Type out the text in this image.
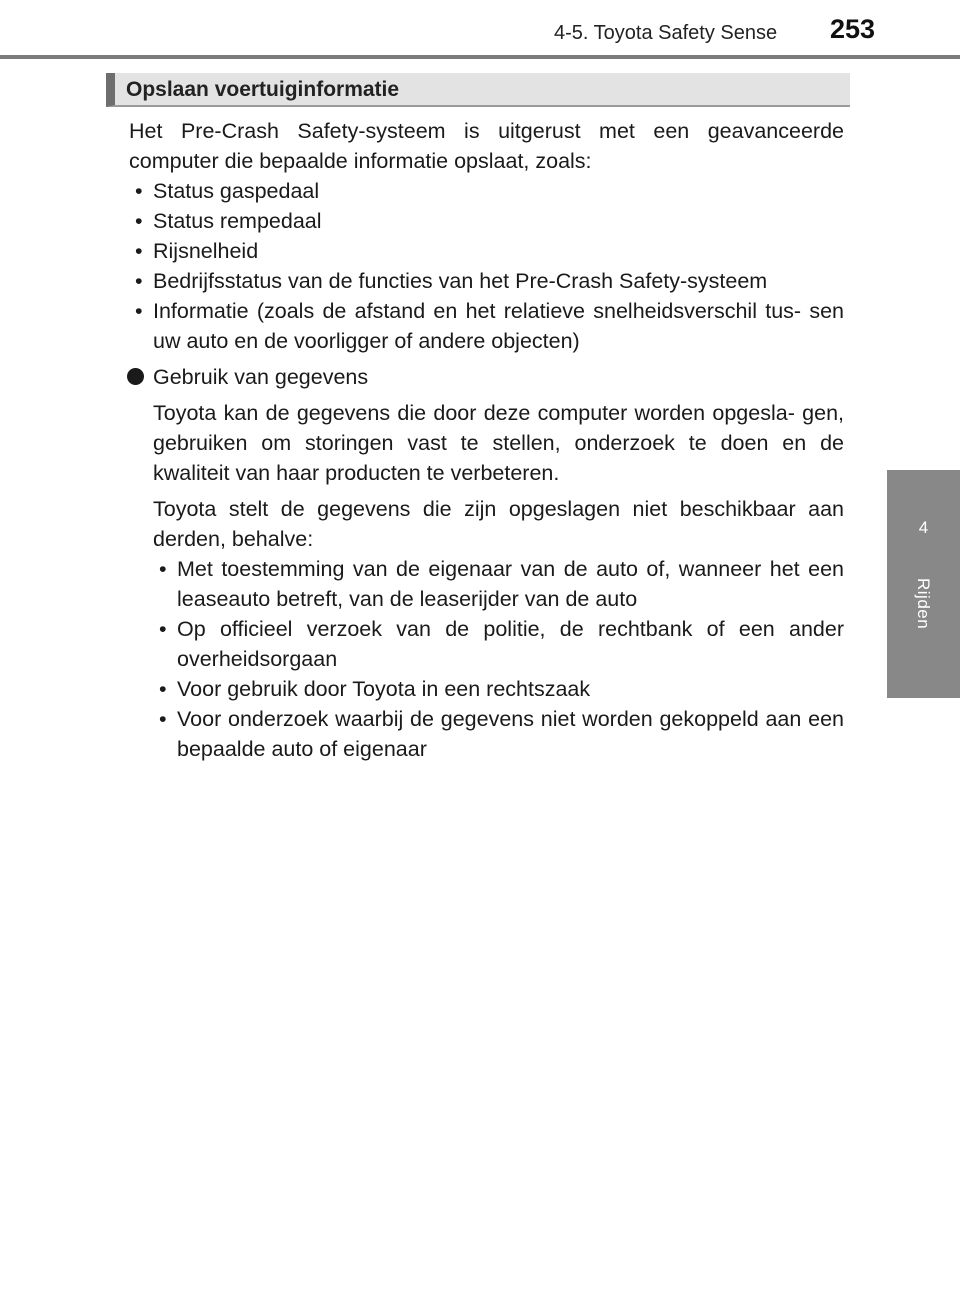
4-5. Toyota Safety Sense 253
4
Rijden
Opslaan voertuiginformatie

Het Pre-Crash Safety-systeem is uitgerust met een geavanceerde computer die bepaalde informatie opslaat, zoals:

• Status gaspedaal
• Status rempedaal
• Rijsnelheid
• Bedrijfsstatus van de functies van het Pre-Crash Safety-systeem
• Informatie (zoals de afstand en het relatieve snelheidsverschil tus- sen uw auto en de voorligger of andere objecten)
Gebruik van gegevens

Toyota kan de gegevens die door deze computer worden opgesla- gen, gebruiken om storingen vast te stellen, onderzoek te doen en de kwaliteit van haar producten te verbeteren.

Toyota stelt de gegevens die zijn opgeslagen niet beschikbaar aan derden, behalve:

• Met toestemming van de eigenaar van de auto of, wanneer het een leaseauto betreft, van de leaserijder van de auto
• Op officieel verzoek van de politie, de rechtbank of een ander overheidsorgaan
• Voor gebruik door Toyota in een rechtszaak
• Voor onderzoek waarbij de gegevens niet worden gekoppeld aan een bepaalde auto of eigenaar
